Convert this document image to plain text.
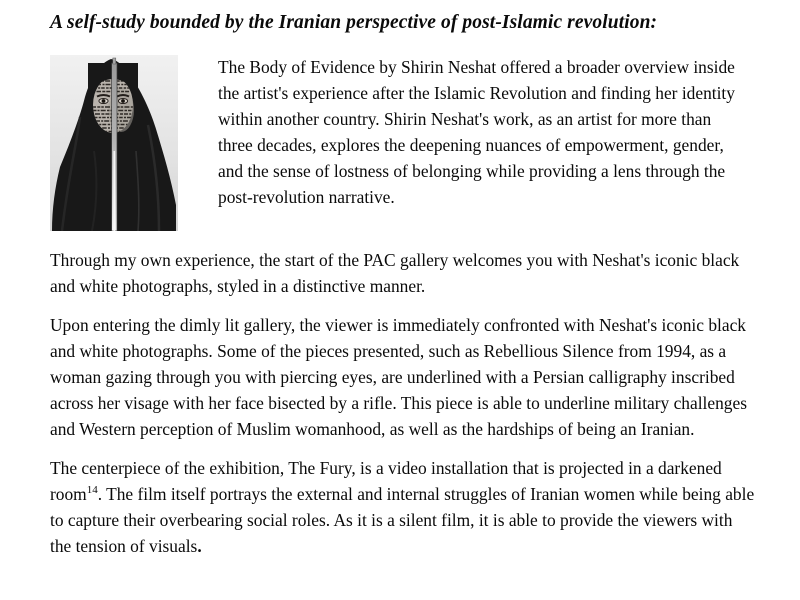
A self-study bounded by the Iranian perspective of post-Islamic revolution:

The Body of Evidence by Shirin Neshat offered a broader overview inside the artist's experience after the Islamic Revolution and finding her identity within another country. Shirin Neshat's work, as an artist for more than three decades, explores the deepening nuances of empowerment, gender, and the sense of lostness of belonging while providing a lens through the post-revolution narrative.

Through my own experience, the start of the PAC gallery welcomes you with Neshat's iconic black and white photographs, styled in a distinctive manner.

Upon entering the dimly lit gallery, the viewer is immediately confronted with Neshat's iconic black and white photographs. Some of the pieces presented, such as Rebellious Silence from 1994, as a woman gazing through you with piercing eyes, are underlined with a Persian calligraphy inscribed across her visage with her face bisected by a rifle. This piece is able to underline military challenges and Western perception of Muslim womanhood, as well as the hardships of being an Iranian.

The centerpiece of the exhibition, The Fury, is a video installation that is projected in a darkened room$^{14}$. The film itself portrays the external and internal struggles of Iranian women while being able to capture their overbearing social roles. As it is a silent film, it is able to provide the viewers with the tension of visuals.
